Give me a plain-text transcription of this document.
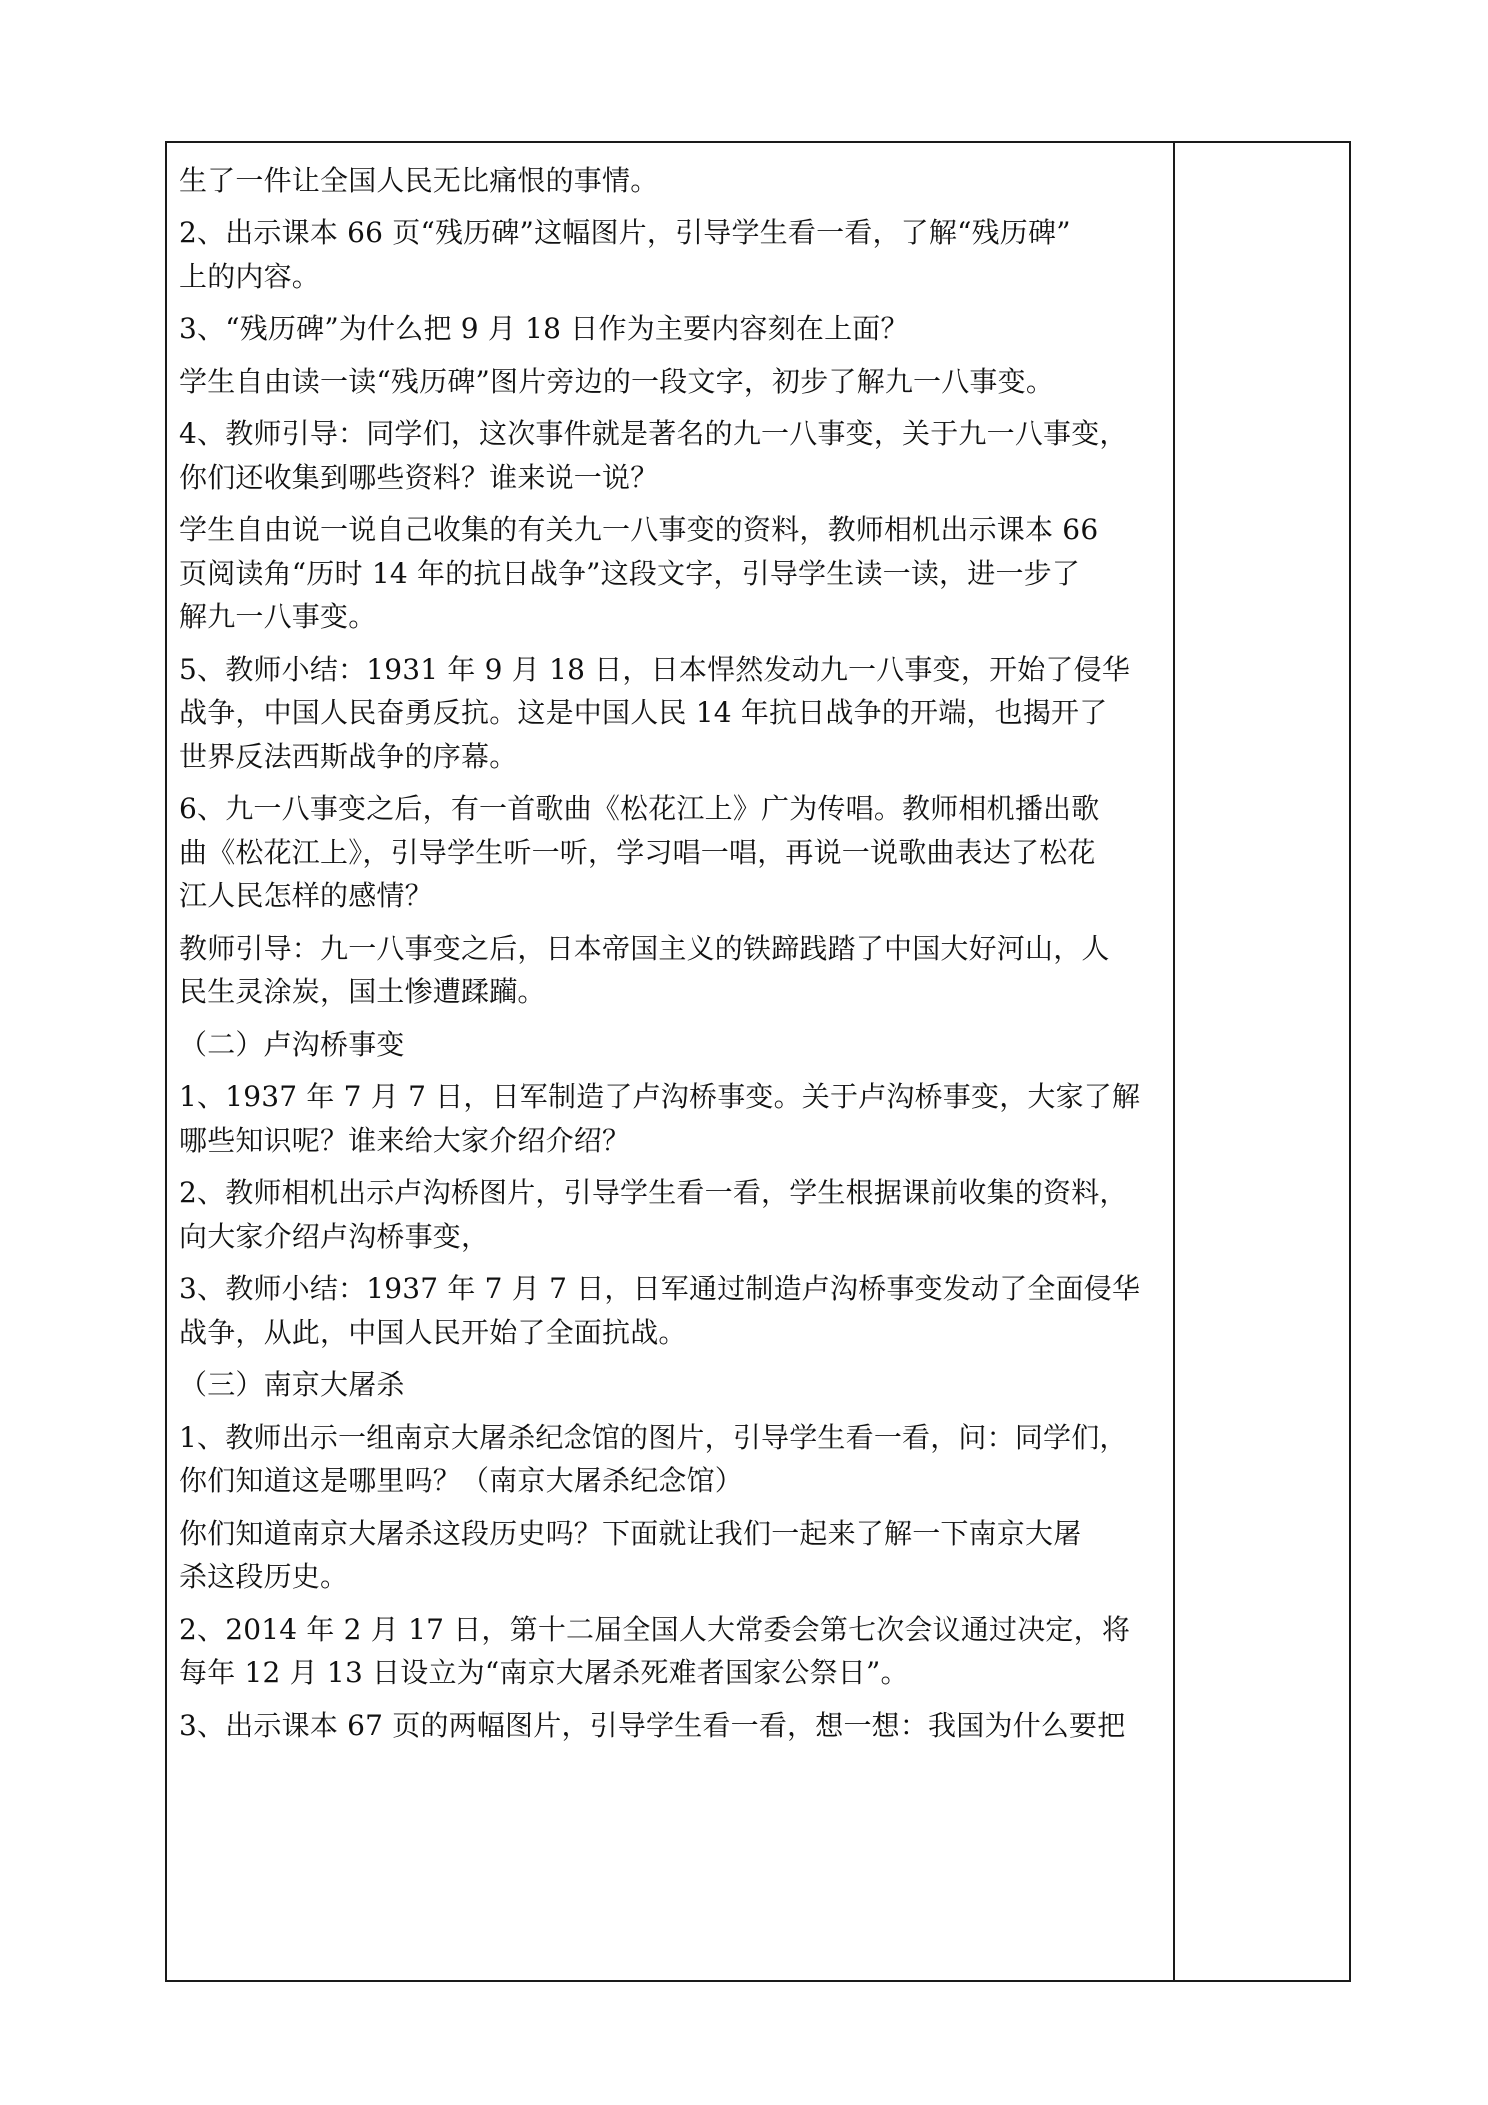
生了一件让全国人民无比痛恨的事情。
2、出示课本 66 页“残历碑”这幅图片，引导学生看一看，了解“残历碑”
上的内容。
3、“残历碑”为什么把 9 月 18 日作为主要内容刻在上面？
学生自由读一读“残历碑”图片旁边的一段文字，初步了解九一八事变。
4、教师引导：同学们，这次事件就是著名的九一八事变，关于九一八事变，
你们还收集到哪些资料？谁来说一说？
学生自由说一说自己收集的有关九一八事变的资料，教师相机出示课本 66
页阅读角“历时 14 年的抗日战争”这段文字，引导学生读一读，进一步了
解九一八事变。
5、教师小结：1931 年 9 月 18 日，日本悍然发动九一八事变，开始了侵华
战争，中国人民奋勇反抗。这是中国人民 14 年抗日战争的开端，也揭开了
世界反法西斯战争的序幕。
6、九一八事变之后，有一首歌曲《松花江上》广为传唱。教师相机播出歌
曲《松花江上》，引导学生听一听，学习唱一唱，再说一说歌曲表达了松花
江人民怎样的感情？
教师引导：九一八事变之后，日本帝国主义的铁蹄践踏了中国大好河山，人
民生灵涂炭，国土惨遭蹂躏。
（二）卢沟桥事变
1、1937 年 7 月 7 日，日军制造了卢沟桥事变。关于卢沟桥事变，大家了解
哪些知识呢？谁来给大家介绍介绍？
2、教师相机出示卢沟桥图片，引导学生看一看，学生根据课前收集的资料，
向大家介绍卢沟桥事变，
3、教师小结：1937 年 7 月 7 日，日军通过制造卢沟桥事变发动了全面侵华
战争，从此，中国人民开始了全面抗战。
（三）南京大屠杀
1、教师出示一组南京大屠杀纪念馆的图片，引导学生看一看，问：同学们，
你们知道这是哪里吗？（南京大屠杀纪念馆）
你们知道南京大屠杀这段历史吗？下面就让我们一起来了解一下南京大屠
杀这段历史。
2、2014 年 2 月 17 日，第十二届全国人大常委会第七次会议通过决定，将
每年 12 月 13 日设立为“南京大屠杀死难者国家公祭日”。
3、出示课本 67 页的两幅图片，引导学生看一看，想一想：我国为什么要把
